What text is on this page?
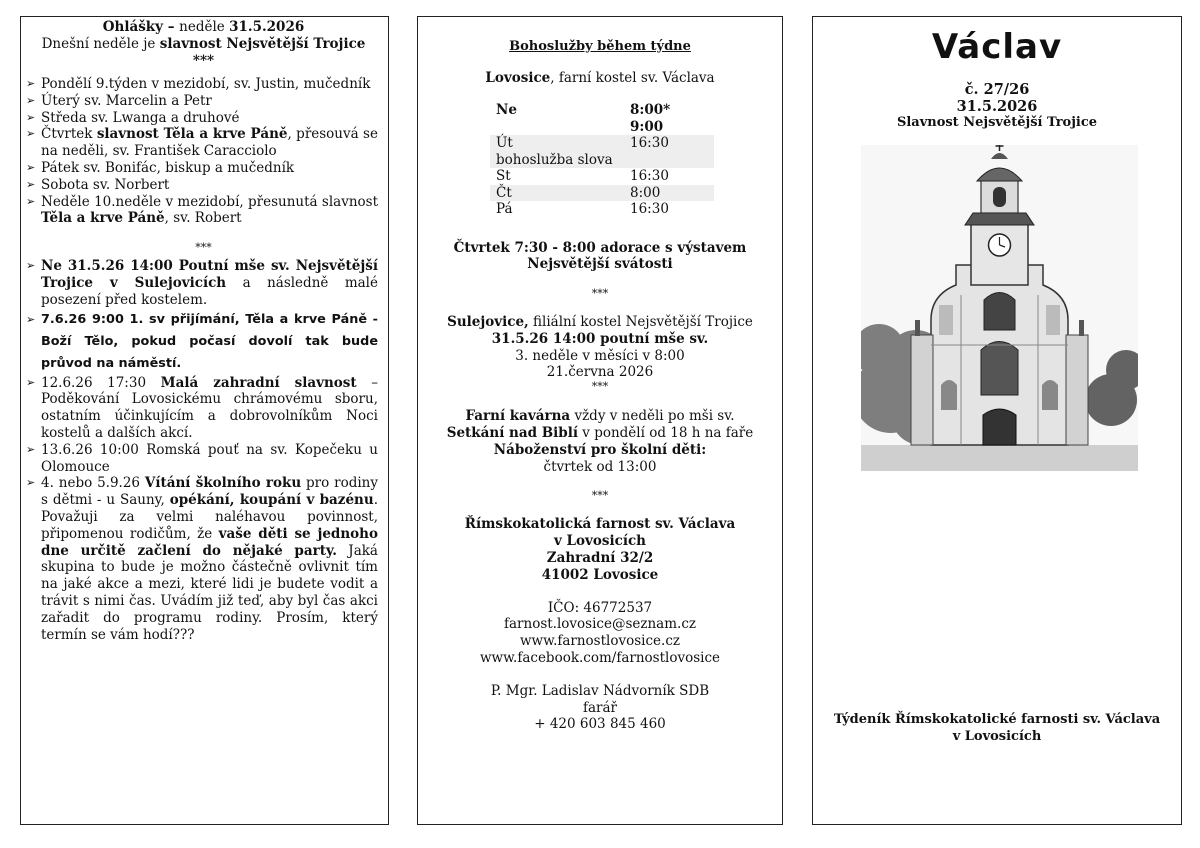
Ohlášky – neděle 31.5.2026
Dnešní neděle je slavnost Nejsvětější Trojice
***
➢ Pondělí 9.týden v mezidobí, sv. Justin, mučedník
➢ Úterý sv. Marcelin a Petr
➢ Středa sv. Lwanga a druhové
➢ Čtvrtek slavnost Těla a krve Páně, přesouvá se na neděli, sv. František Caracciolo
➢ Pátek sv. Bonifác, biskup a mučedník
➢ Sobota sv. Norbert
➢ Neděle 10.neděle v mezidobí, přesunutá slavnost Těla a krve Páně, sv. Robert
***
➢ Ne 31.5.26 14:00 Poutní mše sv. Nejsvětější Trojice v Sulejovicích a následně malé posezení před kostelem.
➢ 7.6.26 9:00 1. sv přijímání, Těla a krve Páně - Boží Tělo, pokud počasí dovolí tak bude průvod na náměstí.
➢ 12.6.26 17:30 Malá zahradní slavnost – Poděkování Lovosickému chrámovému sboru, ostatním účinkujícím a dobrovolníkům Noci kostelů a dalších akcí.
➢ 13.6.26 10:00 Romská pouť na sv. Kopečeku u Olomouce
➢ 4. nebo 5.9.26 Vítání školního roku pro rodiny s dětmi - u Sauny, opékání, koupání v bazénu. Považuji za velmi naléhavou povinnost, připomenou rodičům, že vaše děti se jednoho dne určitě začlení do nějaké party. Jaká skupina to bude je možno částečně ovlivnit tím na jaké akce a mezi, které lidi je budete vodit a trávit s nimi čas. Uvádím již teď, aby byl čas akci zařadit do programu rodiny. Prosím, který termín se vám hodí???
Bohoslužby během týdne
Lovosice, farní kostel sv. Václava
Ne	8:00*
	9:00
Út	16:30
bohoslužba slova	
St	16:30
Čt	8:00
Pá	16:30
Čtvrtek 7:30 - 8:00 adorace s výstavem
Nejsvětější svátosti
***
Sulejovice, filiální kostel Nejsvětější Trojice
31.5.26 14:00 poutní mše sv.
3. neděle v měsíci v 8:00
21.června 2026
***
Farní kavárna vždy v neděli po mši sv.
Setkání nad Biblí v pondělí od 18 h na faře
Náboženství pro školní děti:
čtvrtek od 13:00
***
Římskokatolická farnost sv. Václava
v Lovosicích
Zahradní 32/2
41002 Lovosice
IČO: 46772537
farnost.lovosice@seznam.cz
www.farnostlovosice.cz
www.facebook.com/farnostlovosice
P. Mgr. Ladislav Nádvorník SDB
farář
+ 420 603 845 460
Václav
č. 27/26
31.5.2026
Slavnost Nejsvětější Trojice
Týdeník Římskokatolické farnosti sv. Václava
v Lovosicích
